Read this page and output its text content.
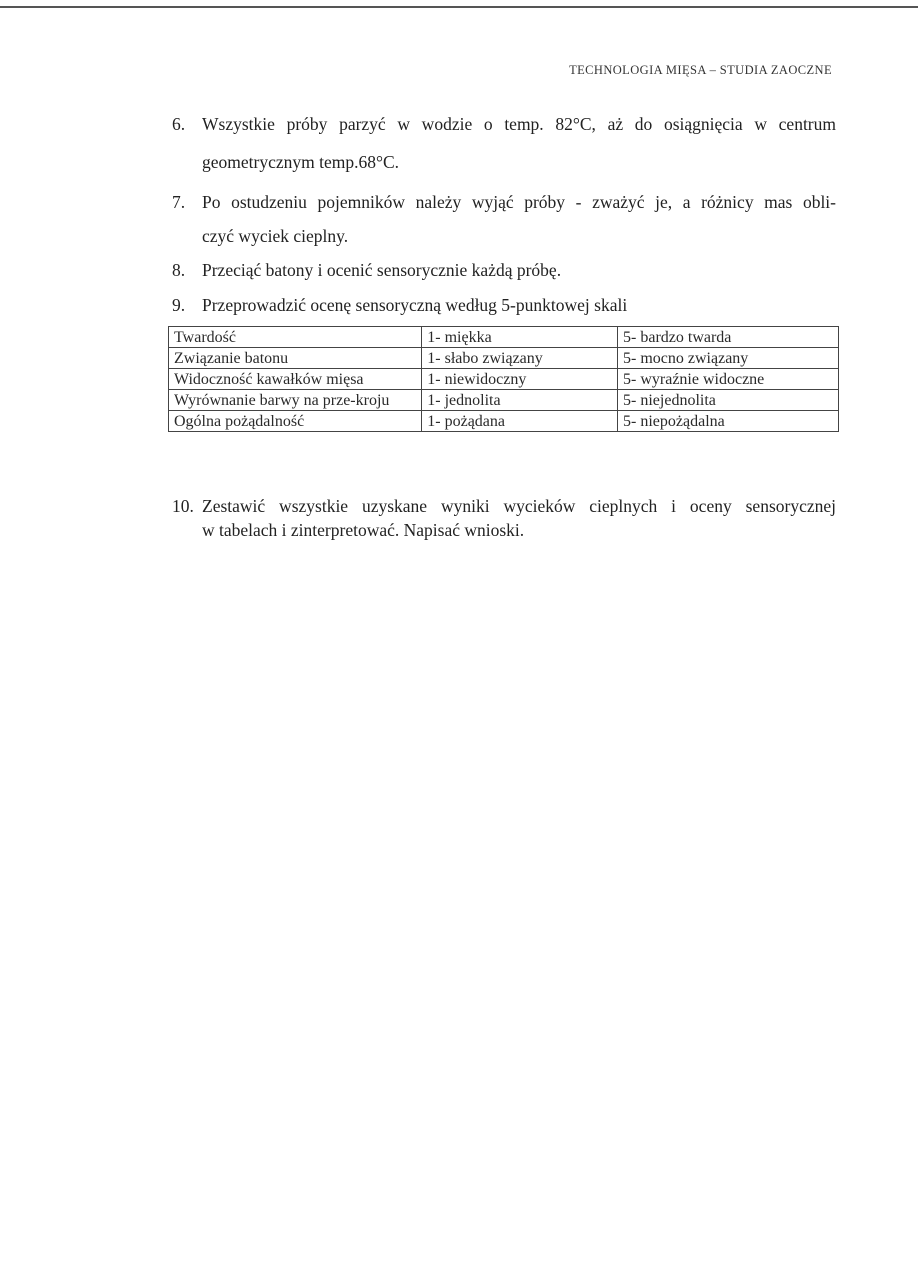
TECHNOLOGIA MIĘSA – STUDIA ZAOCZNE
6. Wszystkie próby parzyć w wodzie o temp. 82°C, aż do osiągnięcia w centrum
geometrycznym temp.68°C.
7. Po ostudzeniu pojemników należy wyjąć próby - zważyć je, a różnicy mas obli-
czyć wyciek cieplny.
8. Przeciąć batony i ocenić sensorycznie każdą próbę.
9. Przeprowadzić ocenę sensoryczną według 5-punktowej skali
Twardość	1- miękka	5- bardzo twarda
Związanie batonu	1- słabo związany	5- mocno związany
Widoczność kawałków mięsa	1- niewidoczny	5- wyraźnie widoczne
Wyrównanie barwy na prze-kroju	1- jednolita	5- niejednolita
Ogólna pożądalność	1- pożądana	5- niepożądalna
10. Zestawić wszystkie uzyskane wyniki wycieków cieplnych i oceny sensorycznej
w tabelach i zinterpretować. Napisać wnioski.
